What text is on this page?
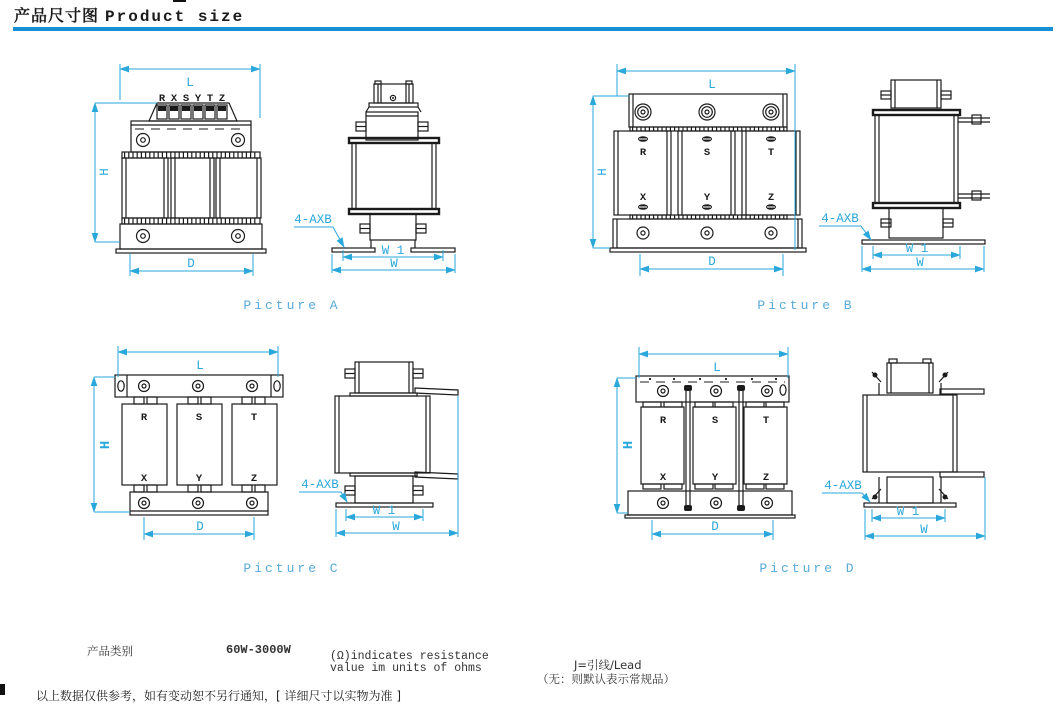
产品尺寸图 Product size
R X S Y T Z
L
H
D
W 1
W
4-AXB
R	S	T
X	Y	Z
L
H
D
W 1
W
4-AXB
R	S	T
X	Y	Z
L
H
D
W 1
W
4-AXB
R	S	T
X	Y	Z
L
H
D
W 1
W
4-AXB
Picture A	Picture B
Picture C	Picture D
产品类别	60W-3000W	(Ω)indicates resistance
value im units of ohms	J=引线/Lead
（无：则默认表示常规品）
以上数据仅供参考，如有变动恕不另行通知，[ 详细尺寸以实物为准 ]
